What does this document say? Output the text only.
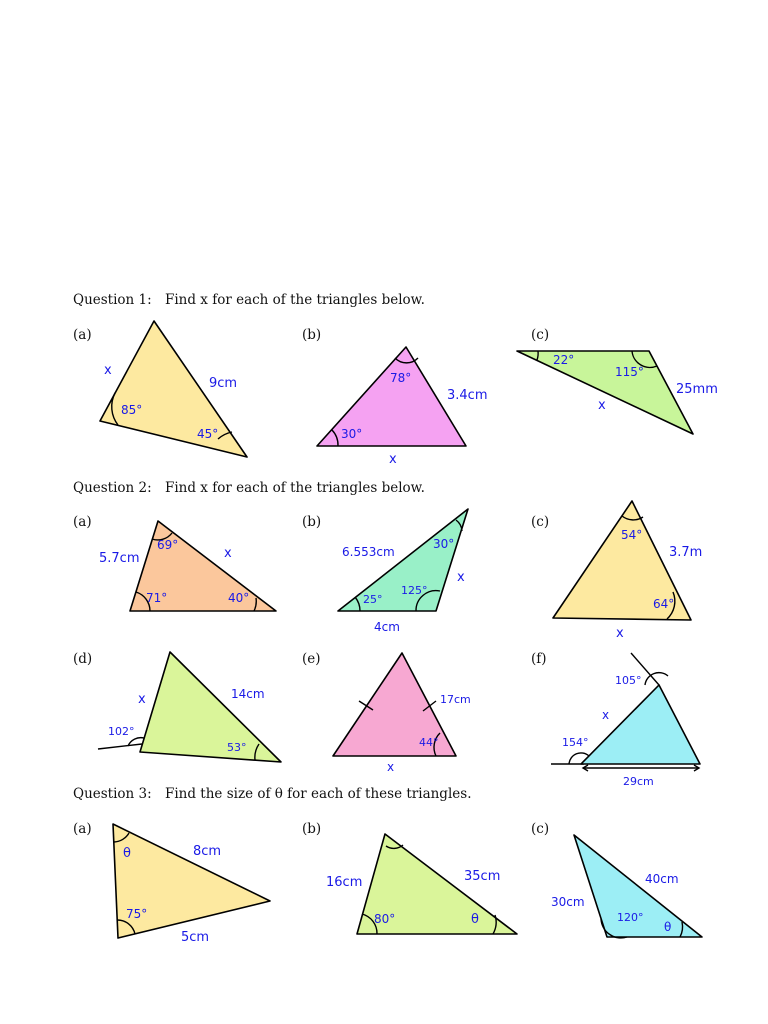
Question 1: Find x for each of the triangles below.
Question 2: Find x for each of the triangles below.
Question 3: Find the size of θ for each of these triangles.
(a)	(b)	(c)
(a)	(b)	(c)
(d)	(e)	(f)
(a)	(b)	(c)
x
9cm
85°
45°
78°
3.4cm
30°
x
22°
115°
25mm
x
69°
5.7cm	x
71°	40°
6.553cm
30°
x
125°
25°
4cm
54°
3.7m
64°
x
x	14cm
102°
53°
17cm
44°
x
105°
x
154°
29cm
θ	8cm
75°
5cm
16cm	35cm
80°	θ
30cm
40cm
120°
θ
